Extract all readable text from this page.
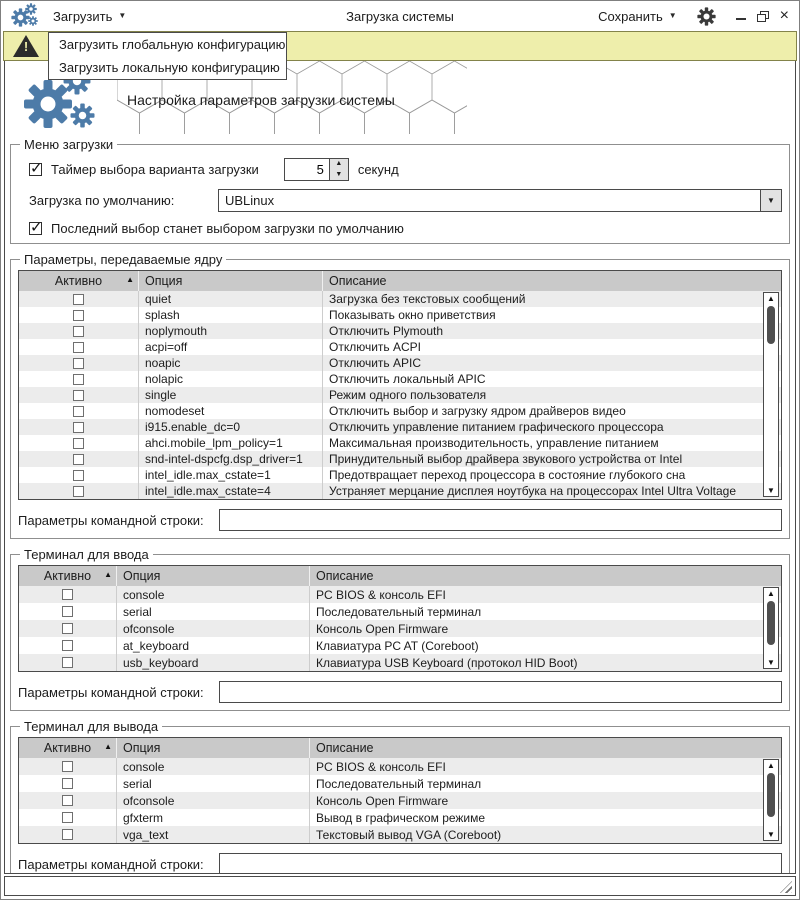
Загрузить ▼	Загрузка системы	Сохранить ▼	×
!
Загрузить глобальную конфигурацию
Загрузить локальную конфигурацию
Настройка параметров загрузки системы
Меню загрузки
✓
Таймер выбора варианта загрузки
5	▲
▼	секунд
Загрузка по умолчанию:	UBLinux	▼
✓
Последний выбор станет выбором загрузки по умолчанию
Параметры, передаваемые ядру
Активно	▲ Опция	Описание
quiet	Загрузка без текстовых сообщений
splash	Показывать окно приветствия
noplymouth	Отключить Plymouth
acpi=off	Отключить ACPI
noapic	Отключить APIC
nolapic	Отключить локальный APIC
single	Режим одного пользователя
nomodeset	Отключить выбор и загрузку ядром драйверов видео
i915.enable_dc=0	Отключить управление питанием графического процессора
ahci.mobile_lpm_policy=1	Максимальная производительность, управление питанием
snd-intel-dspcfg.dsp_driver=1	Принудительный выбор драйвера звукового устройства от Intel
intel_idle.max_cstate=1	Предотвращает переход процессора в состояние глубокого сна
intel_idle.max_cstate=4	Устраняет мерцание дисплея ноутбука на процессорах Intel Ultra Voltage
▲
▼
Параметры командной строки:
Терминал для ввода
Активно ▲ Опция	Описание
console	PC BIOS & консоль EFI
serial	Последовательный терминал
ofconsole	Консоль Open Firmware
at_keyboard	Клавиатура PC AT (Coreboot)
usb_keyboard	Клавиатура USB Keyboard (протокол HID Boot)
▲
▼
Параметры командной строки:
Терминал для вывода
Активно ▲ Опция	Описание
console	PC BIOS & консоль EFI
serial	Последовательный терминал
ofconsole	Консоль Open Firmware
gfxterm	Вывод в графическом режиме
vga_text	Текстовый вывод VGA (Coreboot)
▲
▼
Параметры командной строки:
